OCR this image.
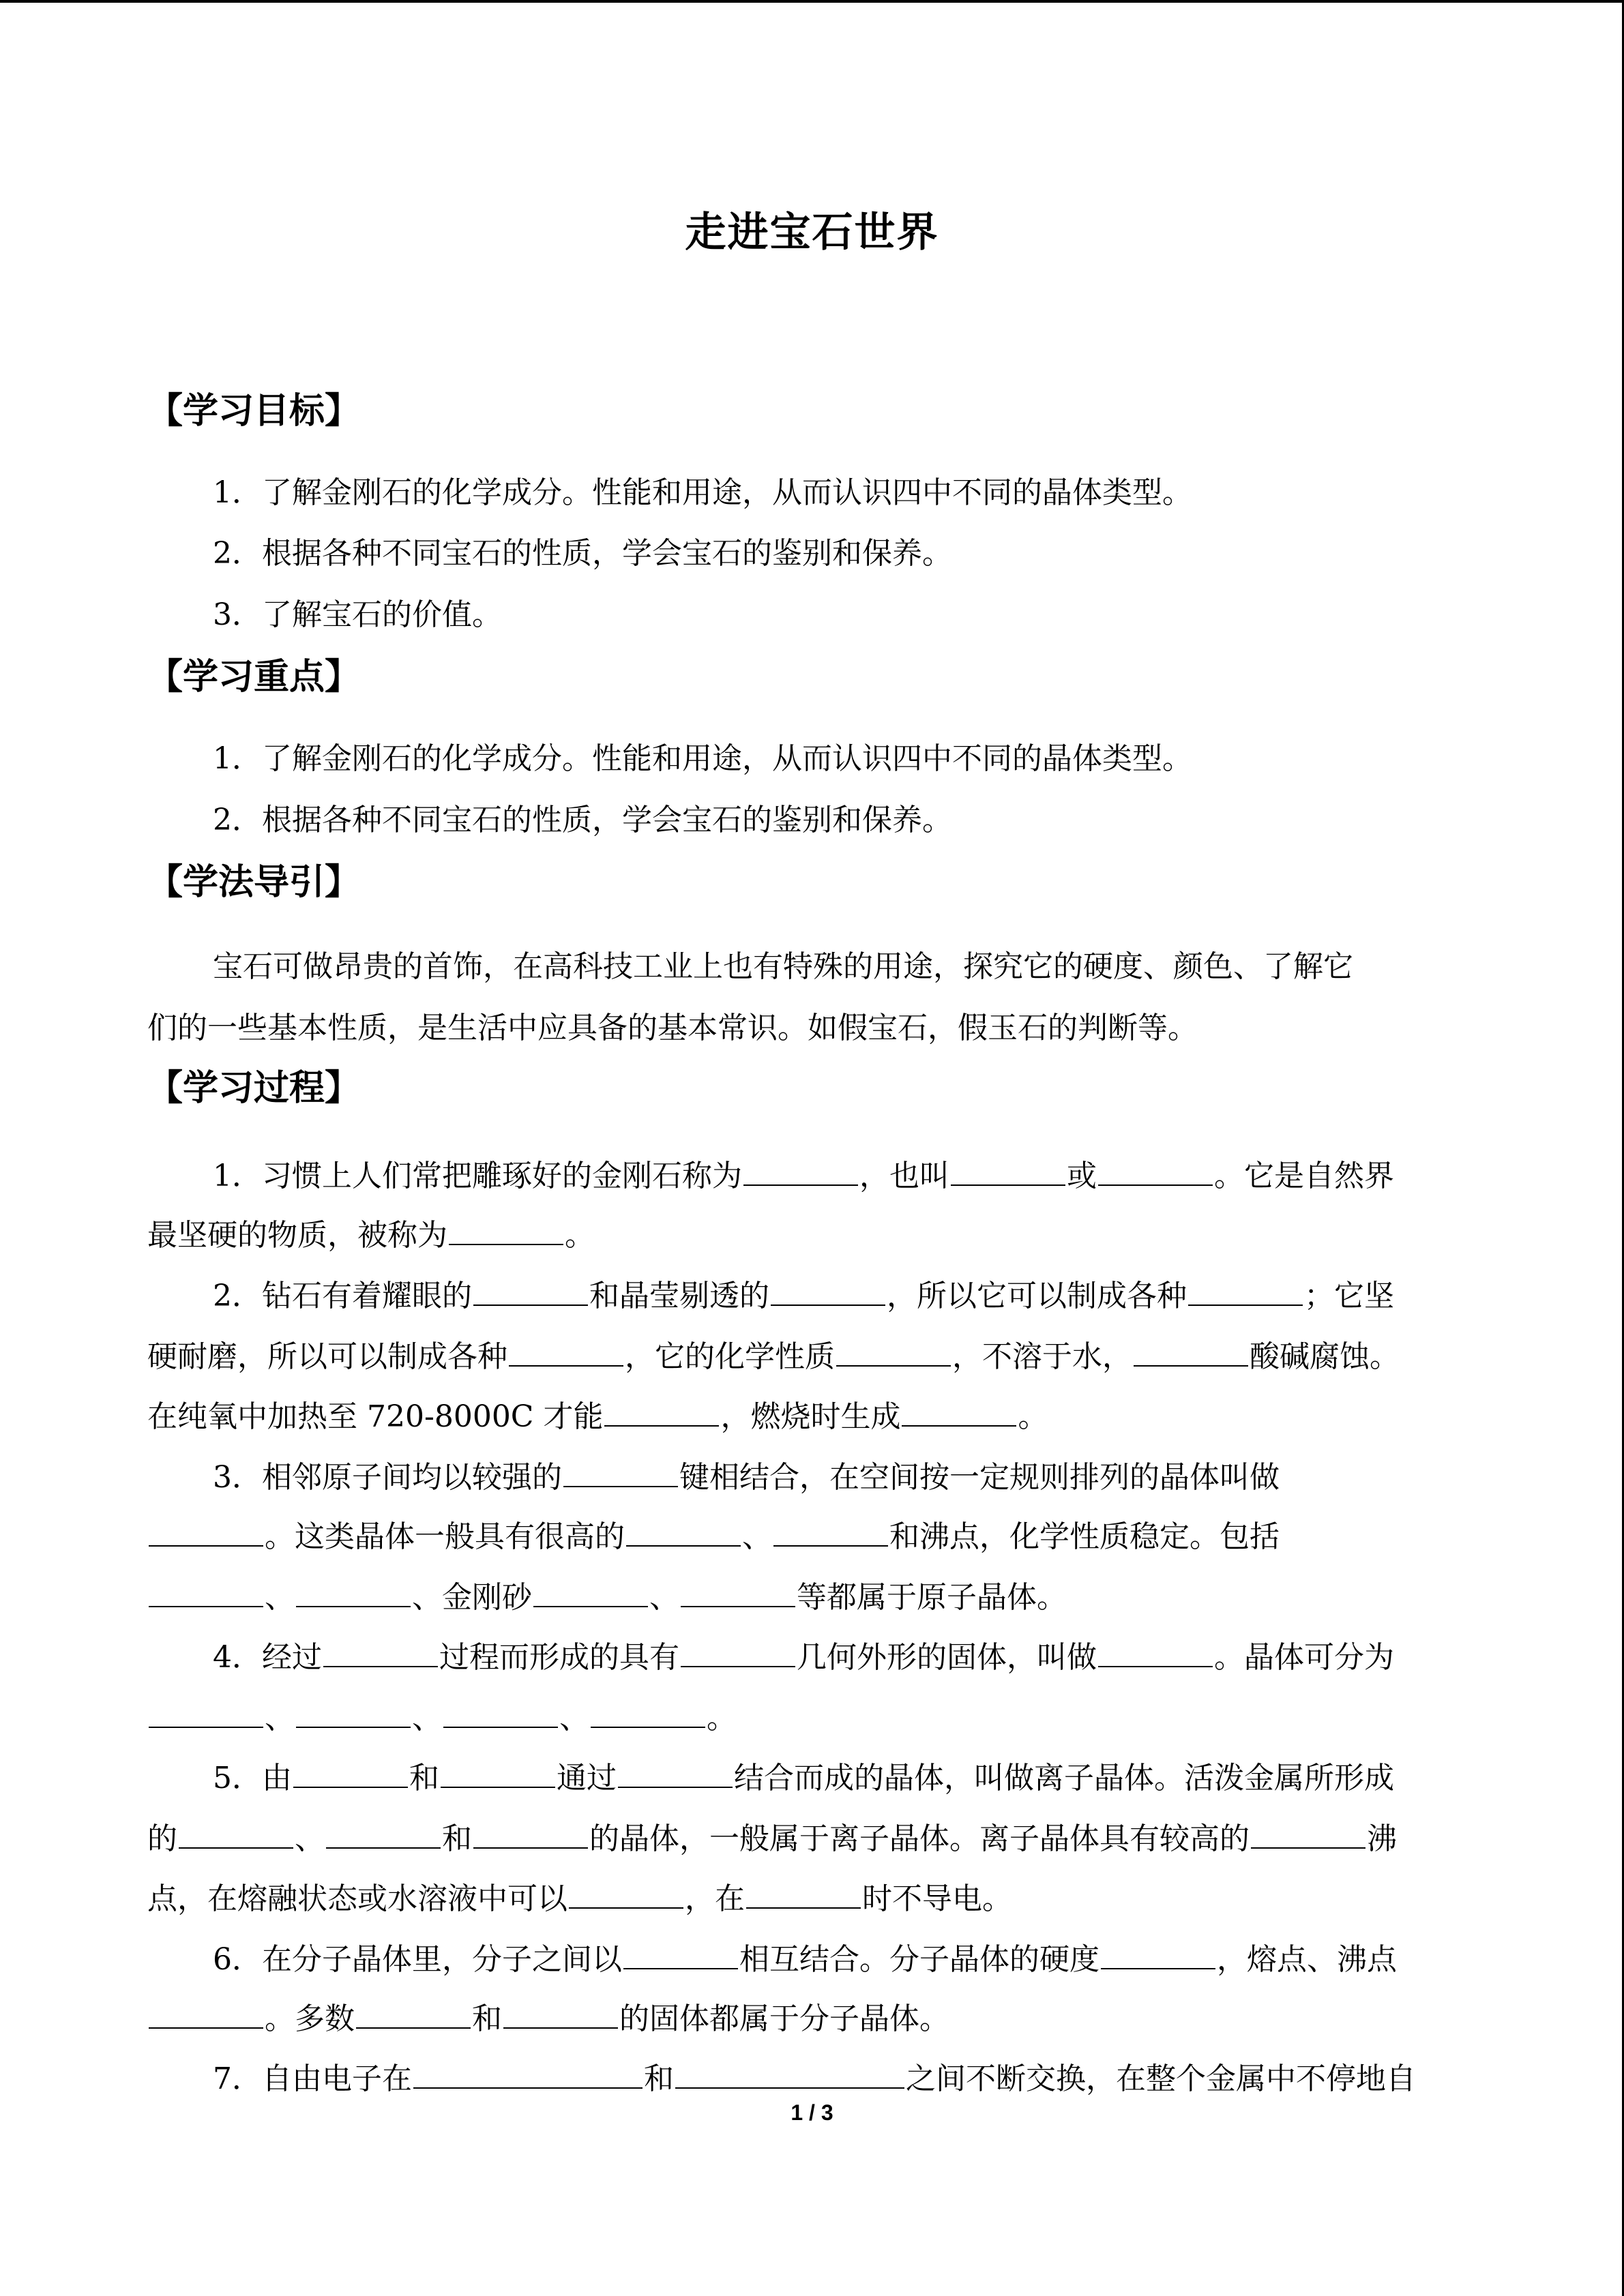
走进宝石世界
【学习目标】
1．了解金刚石的化学成分。性能和用途，从而认识四中不同的晶体类型。
2．根据各种不同宝石的性质，学会宝石的鉴别和保养。
3．了解宝石的价值。
【学习重点】
1．了解金刚石的化学成分。性能和用途，从而认识四中不同的晶体类型。
2．根据各种不同宝石的性质，学会宝石的鉴别和保养。
【学法导引】
宝石可做昂贵的首饰，在高科技工业上也有特殊的用途，探究它的硬度、颜色、了解它
们的一些基本性质，是生活中应具备的基本常识。如假宝石，假玉石的判断等。
【学习过程】
1．习惯上人们常把雕琢好的金刚石称为	，也叫	或	。它是自然界
最坚硬的物质，被称为	。
2．钻石有着耀眼的	和晶莹剔透的	，所以它可以制成各种	；它坚
硬耐磨，所以可以制成各种	，它的化学性质	，不溶于水，	酸碱腐蚀。
在纯氧中加热至 720-8000C 才能	，燃烧时生成	。
3．相邻原子间均以较强的	键相结合，在空间按一定规则排列的晶体叫做
。这类晶体一般具有很高的	、	和沸点，化学性质稳定。包括
、	、金刚砂	、	等都属于原子晶体。
4．经过	过程而形成的具有	几何外形的固体，叫做	。晶体可分为
、	、	、	。
5．由	和	通过	结合而成的晶体，叫做离子晶体。活泼金属所形成
的	、	和	的晶体，一般属于离子晶体。离子晶体具有较高的	沸
点，在熔融状态或水溶液中可以	，在	时不导电。
6．在分子晶体里，分子之间以	相互结合。分子晶体的硬度	，熔点、沸点
。多数	和	的固体都属于分子晶体。
7．自由电子在	和	之间不断交换，在整个金属中不停地自
1 / 3
